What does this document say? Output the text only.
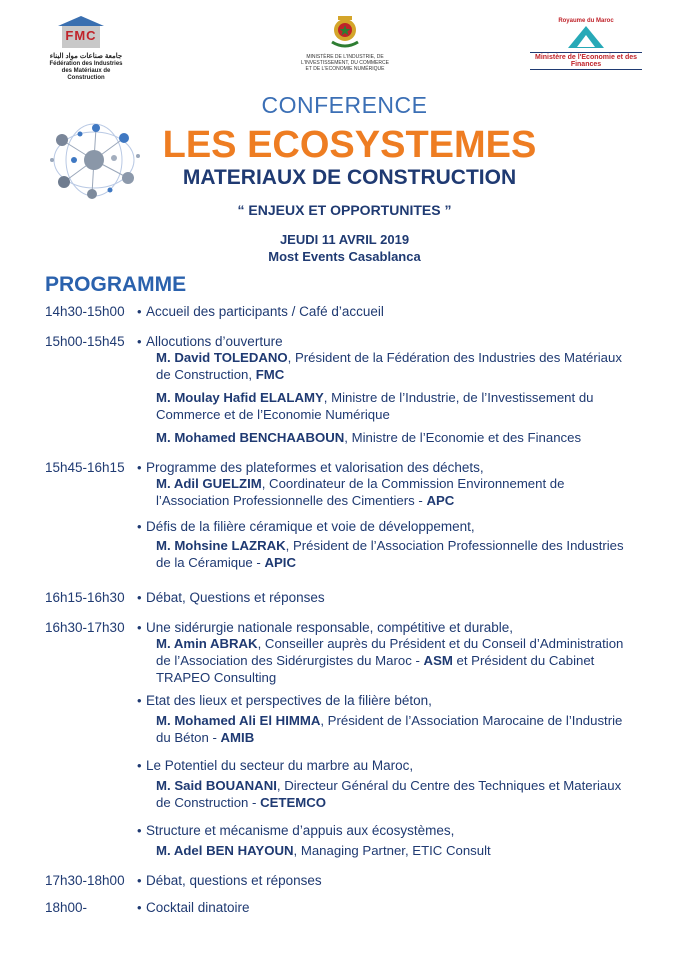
FMC
جامعة صناعات مواد البناء
Fédération des Industries des Matériaux de Construction
MINISTÈRE DE L'INDUSTRIE, DE L'INVESTISSEMENT, DU COMMERCE ET DE L'ECONOMIE NUMÉRIQUE
Royaume du Maroc
Ministère de l'Economie et des Finances
CONFERENCE
LES ECOSYSTEMES
MATERIAUX DE CONSTRUCTION
“ ENJEUX ET OPPORTUNITES ”
JEUDI 11 AVRIL 2019
Most Events Casablanca
PROGRAMME
14h30-15h00 • Accueil des participants / Café d’accueil
15h00-15h45 • Allocutions d’ouverture
M. David TOLEDANO, Président de la Fédération des Industries des Matériaux de Construction, FMC
M. Moulay Hafid ELALAMY, Ministre de l’Industrie, de l’Investissement du Commerce et de l’Economie Numérique
M. Mohamed BENCHAABOUN, Ministre de l’Economie et des Finances
15h45-16h15 • Programme des plateformes et valorisation des déchets,
M. Adil GUELZIM, Coordinateur de la Commission Environnement de l’Association Professionnelle des Cimentiers - APC
• Défis de la filière céramique et voie de développement,
M. Mohsine LAZRAK, Président de l’Association Professionnelle des Industries de la Céramique - APIC
16h15-16h30 • Débat, Questions et réponses
16h30-17h30 • Une sidérurgie nationale responsable, compétitive et durable,
M. Amin ABRAK, Conseiller auprès du Président et du Conseil d’Administration de l’Association des Sidérurgistes du Maroc - ASM et Président du Cabinet TRAPEO Consulting
• Etat des lieux et perspectives de la filière béton,
M. Mohamed Ali El HIMMA, Président de l’Association Marocaine de l’Industrie du Béton - AMIB
• Le Potentiel du secteur du marbre au Maroc,
M. Said BOUANANI, Directeur Général du Centre des Techniques et Materiaux de Construction - CETEMCO
• Structure et mécanisme d’appuis aux écosystèmes,
M. Adel BEN HAYOUN, Managing Partner, ETIC Consult
17h30-18h00 • Débat, questions et réponses
18h00-	• Cocktail dinatoire
